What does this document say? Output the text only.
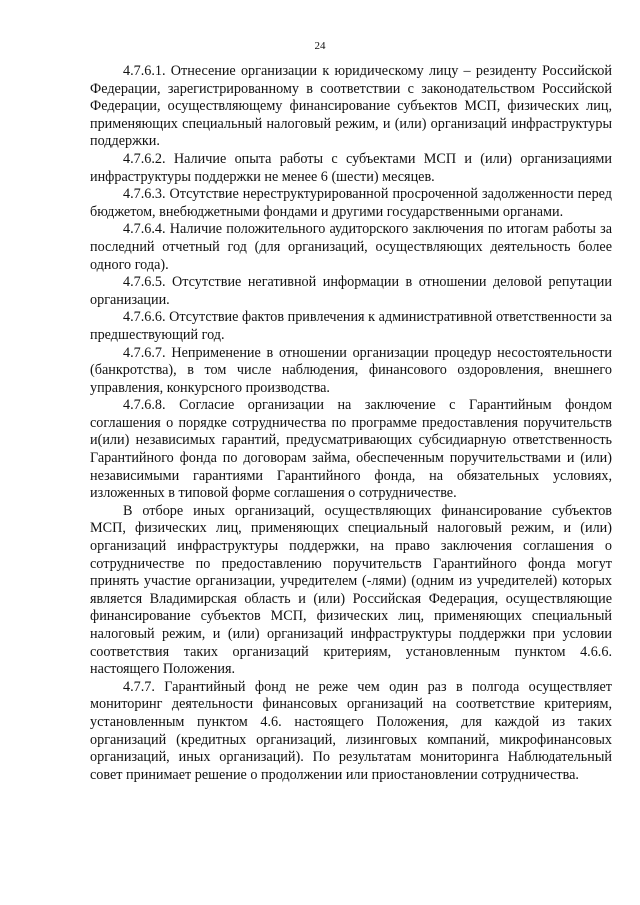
24

4.7.6.1. Отнесение организации к юридическому лицу – резиденту Российской Федерации, зарегистрированному в соответствии с законодательством Российской Федерации, осуществляющему финансирование субъектов МСП, физических лиц, применяющих специальный налоговый режим, и (или) организаций инфраструктуры поддержки.

4.7.6.2. Наличие опыта работы с субъектами МСП и (или) организациями инфраструктуры поддержки не менее 6 (шести) месяцев.

4.7.6.3. Отсутствие нереструктурированной просроченной задолженности перед бюджетом, внебюджетными фондами и другими государственными органами.

4.7.6.4. Наличие положительного аудиторского заключения по итогам работы за последний отчетный год (для организаций, осуществляющих деятельность более одного года).

4.7.6.5. Отсутствие негативной информации в отношении деловой репутации организации.

4.7.6.6. Отсутствие фактов привлечения к административной ответственности за предшествующий год.

4.7.6.7. Неприменение в отношении организации процедур несостоятельности (банкротства), в том числе наблюдения, финансового оздоровления, внешнего управления, конкурсного производства.

4.7.6.8. Согласие организации на заключение с Гарантийным фондом соглашения о порядке сотрудничества по программе предоставления поручительств и(или) независимых гарантий, предусматривающих субсидиарную ответственность Гарантийного фонда по договорам займа, обеспеченным поручительствами и (или) независимыми гарантиями Гарантийного фонда, на обязательных условиях, изложенных в типовой форме соглашения о сотрудничестве.

В отборе иных организаций, осуществляющих финансирование субъектов МСП, физических лиц, применяющих специальный налоговый режим, и (или) организаций инфраструктуры поддержки, на право заключения соглашения о сотрудничестве по предоставлению поручительств Гарантийного фонда могут принять участие организации, учредителем (-лями) (одним из учредителей) которых является Владимирская область и (или) Российская Федерация, осуществляющие финансирование субъектов МСП, физических лиц, применяющих специальный налоговый режим, и (или) организаций инфраструктуры поддержки при условии соответствия таких организаций критериям, установленным пунктом 4.6.6. настоящего Положения.

4.7.7. Гарантийный фонд не реже чем один раз в полгода осуществляет мониторинг деятельности финансовых организаций на соответствие критериям, установленным пунктом 4.6. настоящего Положения, для каждой из таких организаций (кредитных организаций, лизинговых компаний, микрофинансовых организаций, иных организаций). По результатам мониторинга Наблюдательный совет принимает решение о продолжении или приостановлении сотрудничества.
